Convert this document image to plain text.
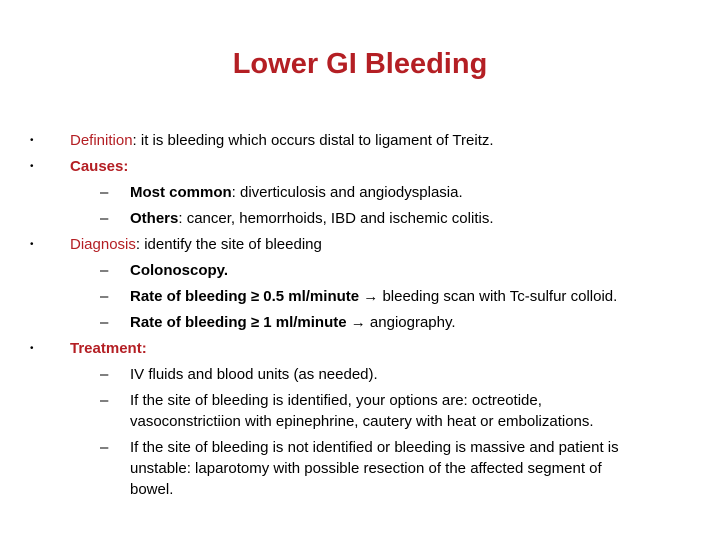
Lower GI Bleeding
• Definition: it is bleeding which occurs distal to ligament of Treitz.
• Causes:
– Most common: diverticulosis and angiodysplasia.
– Others: cancer, hemorrhoids, IBD and ischemic colitis.
• Diagnosis: identify the site of bleeding
– Colonoscopy.
– Rate of bleeding ≥ 0.5 ml/minute → bleeding scan with Tc-sulfur colloid.
– Rate of bleeding ≥ 1 ml/minute → angiography.
• Treatment:
– IV fluids and blood units (as needed).
– If the site of bleeding is identified, your options are: octreotide,
vasoconstrictiion with epinephrine, cautery with heat or embolizations.
– If the site of bleeding is not identified or bleeding is massive and patient is
unstable: laparotomy with possible resection of the affected segment of
bowel.
